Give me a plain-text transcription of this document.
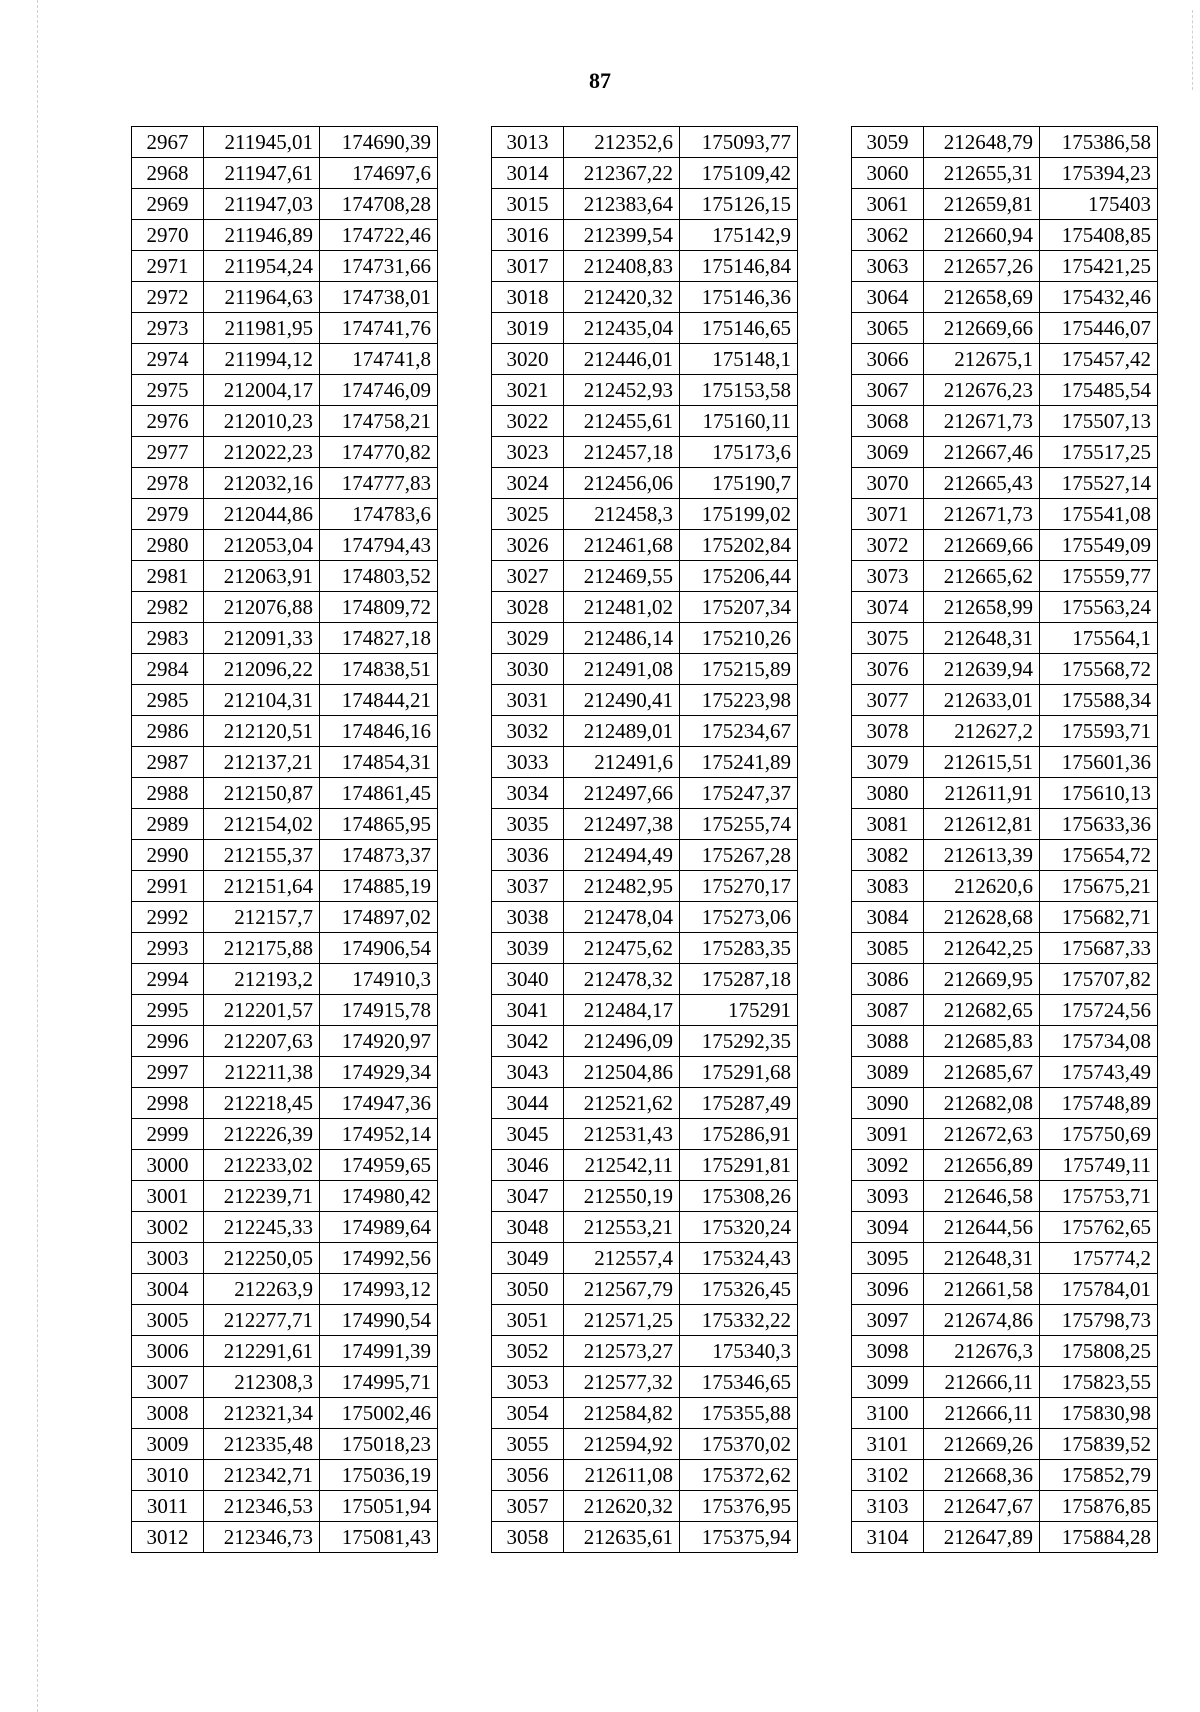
87
2967	211945,01	174690,39
2968	211947,61	174697,6
2969	211947,03	174708,28
2970	211946,89	174722,46
2971	211954,24	174731,66
2972	211964,63	174738,01
2973	211981,95	174741,76
2974	211994,12	174741,8
2975	212004,17	174746,09
2976	212010,23	174758,21
2977	212022,23	174770,82
2978	212032,16	174777,83
2979	212044,86	174783,6
2980	212053,04	174794,43
2981	212063,91	174803,52
2982	212076,88	174809,72
2983	212091,33	174827,18
2984	212096,22	174838,51
2985	212104,31	174844,21
2986	212120,51	174846,16
2987	212137,21	174854,31
2988	212150,87	174861,45
2989	212154,02	174865,95
2990	212155,37	174873,37
2991	212151,64	174885,19
2992	212157,7	174897,02
2993	212175,88	174906,54
2994	212193,2	174910,3
2995	212201,57	174915,78
2996	212207,63	174920,97
2997	212211,38	174929,34
2998	212218,45	174947,36
2999	212226,39	174952,14
3000	212233,02	174959,65
3001	212239,71	174980,42
3002	212245,33	174989,64
3003	212250,05	174992,56
3004	212263,9	174993,12
3005	212277,71	174990,54
3006	212291,61	174991,39
3007	212308,3	174995,71
3008	212321,34	175002,46
3009	212335,48	175018,23
3010	212342,71	175036,19
3011	212346,53	175051,94
3012	212346,73	175081,43
3013	212352,6	175093,77
3014	212367,22	175109,42
3015	212383,64	175126,15
3016	212399,54	175142,9
3017	212408,83	175146,84
3018	212420,32	175146,36
3019	212435,04	175146,65
3020	212446,01	175148,1
3021	212452,93	175153,58
3022	212455,61	175160,11
3023	212457,18	175173,6
3024	212456,06	175190,7
3025	212458,3	175199,02
3026	212461,68	175202,84
3027	212469,55	175206,44
3028	212481,02	175207,34
3029	212486,14	175210,26
3030	212491,08	175215,89
3031	212490,41	175223,98
3032	212489,01	175234,67
3033	212491,6	175241,89
3034	212497,66	175247,37
3035	212497,38	175255,74
3036	212494,49	175267,28
3037	212482,95	175270,17
3038	212478,04	175273,06
3039	212475,62	175283,35
3040	212478,32	175287,18
3041	212484,17	175291
3042	212496,09	175292,35
3043	212504,86	175291,68
3044	212521,62	175287,49
3045	212531,43	175286,91
3046	212542,11	175291,81
3047	212550,19	175308,26
3048	212553,21	175320,24
3049	212557,4	175324,43
3050	212567,79	175326,45
3051	212571,25	175332,22
3052	212573,27	175340,3
3053	212577,32	175346,65
3054	212584,82	175355,88
3055	212594,92	175370,02
3056	212611,08	175372,62
3057	212620,32	175376,95
3058	212635,61	175375,94
3059	212648,79	175386,58
3060	212655,31	175394,23
3061	212659,81	175403
3062	212660,94	175408,85
3063	212657,26	175421,25
3064	212658,69	175432,46
3065	212669,66	175446,07
3066	212675,1	175457,42
3067	212676,23	175485,54
3068	212671,73	175507,13
3069	212667,46	175517,25
3070	212665,43	175527,14
3071	212671,73	175541,08
3072	212669,66	175549,09
3073	212665,62	175559,77
3074	212658,99	175563,24
3075	212648,31	175564,1
3076	212639,94	175568,72
3077	212633,01	175588,34
3078	212627,2	175593,71
3079	212615,51	175601,36
3080	212611,91	175610,13
3081	212612,81	175633,36
3082	212613,39	175654,72
3083	212620,6	175675,21
3084	212628,68	175682,71
3085	212642,25	175687,33
3086	212669,95	175707,82
3087	212682,65	175724,56
3088	212685,83	175734,08
3089	212685,67	175743,49
3090	212682,08	175748,89
3091	212672,63	175750,69
3092	212656,89	175749,11
3093	212646,58	175753,71
3094	212644,56	175762,65
3095	212648,31	175774,2
3096	212661,58	175784,01
3097	212674,86	175798,73
3098	212676,3	175808,25
3099	212666,11	175823,55
3100	212666,11	175830,98
3101	212669,26	175839,52
3102	212668,36	175852,79
3103	212647,67	175876,85
3104	212647,89	175884,28
